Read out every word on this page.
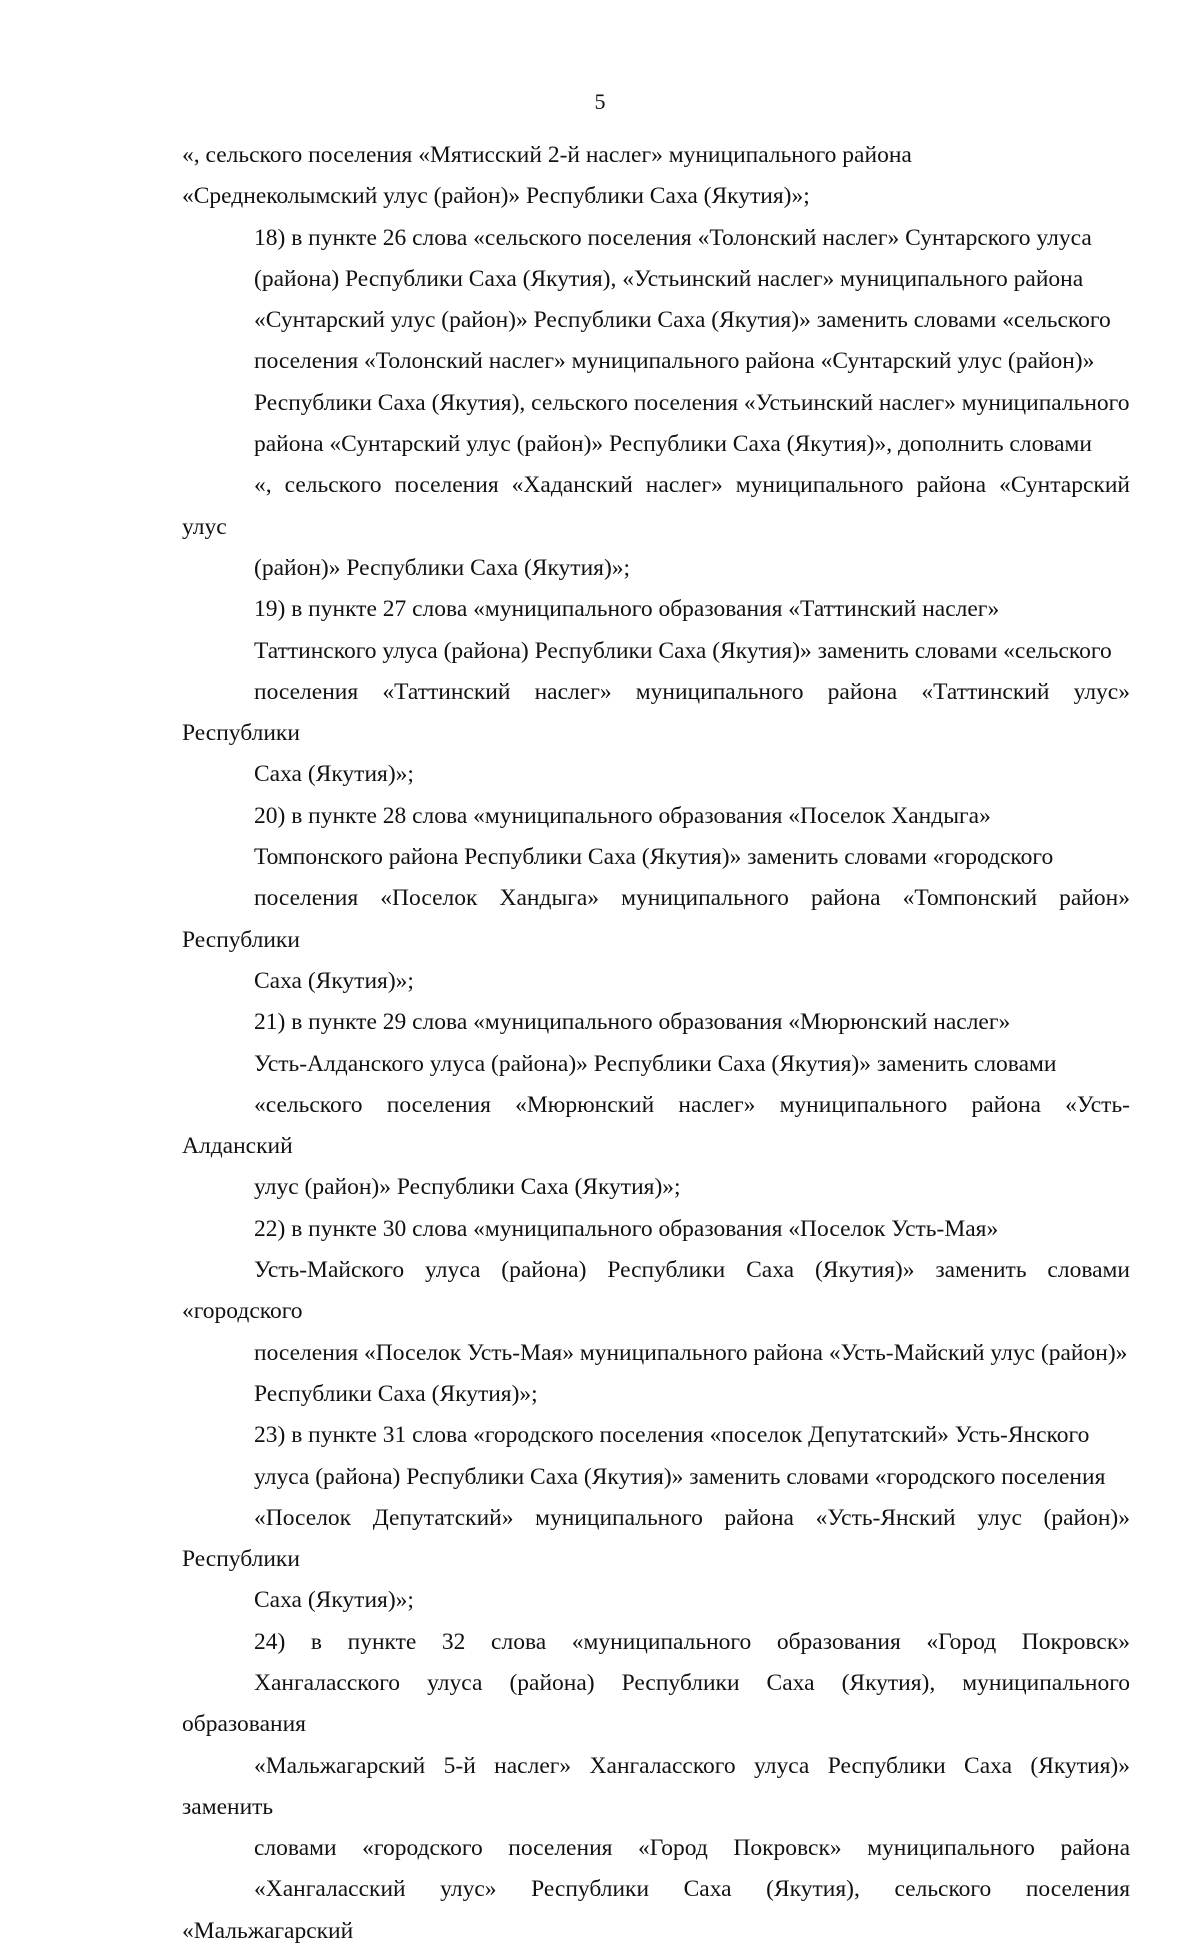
5

«, сельского поселения «Мятисский 2-й наслег» муниципального района
«Среднеколымский улус (район)» Республики Саха (Якутия)»;

18) в пункте 26 слова «сельского поселения «Толонский наслег» Сунтарского улуса
(района) Республики Саха (Якутия), «Устьинский наслег» муниципального района
«Сунтарский улус (район)» Республики Саха (Якутия)» заменить словами «сельского
поселения «Толонский наслег» муниципального района «Сунтарский улус (район)»
Республики Саха (Якутия), сельского поселения «Устьинский наслег» муниципального
района «Сунтарский улус (район)» Республики Саха (Якутия)», дополнить словами
«, сельского поселения «Хаданский наслег» муниципального района «Сунтарский улус
(район)» Республики Саха (Якутия)»;

19) в пункте 27 слова «муниципального образования «Таттинский наслег»
Таттинского улуса (района) Республики Саха (Якутия)» заменить словами «сельского
поселения «Таттинский наслег» муниципального района «Таттинский улус» Республики
Саха (Якутия)»;

20) в пункте 28 слова «муниципального образования «Поселок Хандыга»
Томпонского района Республики Саха (Якутия)» заменить словами «городского
поселения «Поселок Хандыга» муниципального района «Томпонский район» Республики
Саха (Якутия)»;

21) в пункте 29 слова «муниципального образования «Мюрюнский наслег»
Усть-Алданского улуса (района)» Республики Саха (Якутия)» заменить словами
«сельского поселения «Мюрюнский наслег» муниципального района «Усть-Алданский
улус (район)» Республики Саха (Якутия)»;

22) в пункте 30 слова «муниципального образования «Поселок Усть-Мая»
Усть-Майского улуса (района) Республики Саха (Якутия)» заменить словами «городского
поселения «Поселок Усть-Мая» муниципального района «Усть-Майский улус (район)»
Республики Саха (Якутия)»;

23) в пункте 31 слова «городского поселения «поселок Депутатский» Усть-Янского
улуса (района) Республики Саха (Якутия)» заменить словами «городского поселения
«Поселок Депутатский» муниципального района «Усть-Янский улус (район)» Республики
Саха (Якутия)»;

24) в пункте 32 слова «муниципального образования «Город Покровск»
Хангаласского улуса (района) Республики Саха (Якутия), муниципального образования
«Мальжагарский 5-й наслег» Хангаласского улуса Республики Саха (Якутия)» заменить
словами «городского поселения «Город Покровск» муниципального района
«Хангаласский улус» Республики Саха (Якутия), сельского поселения «Мальжагарский
